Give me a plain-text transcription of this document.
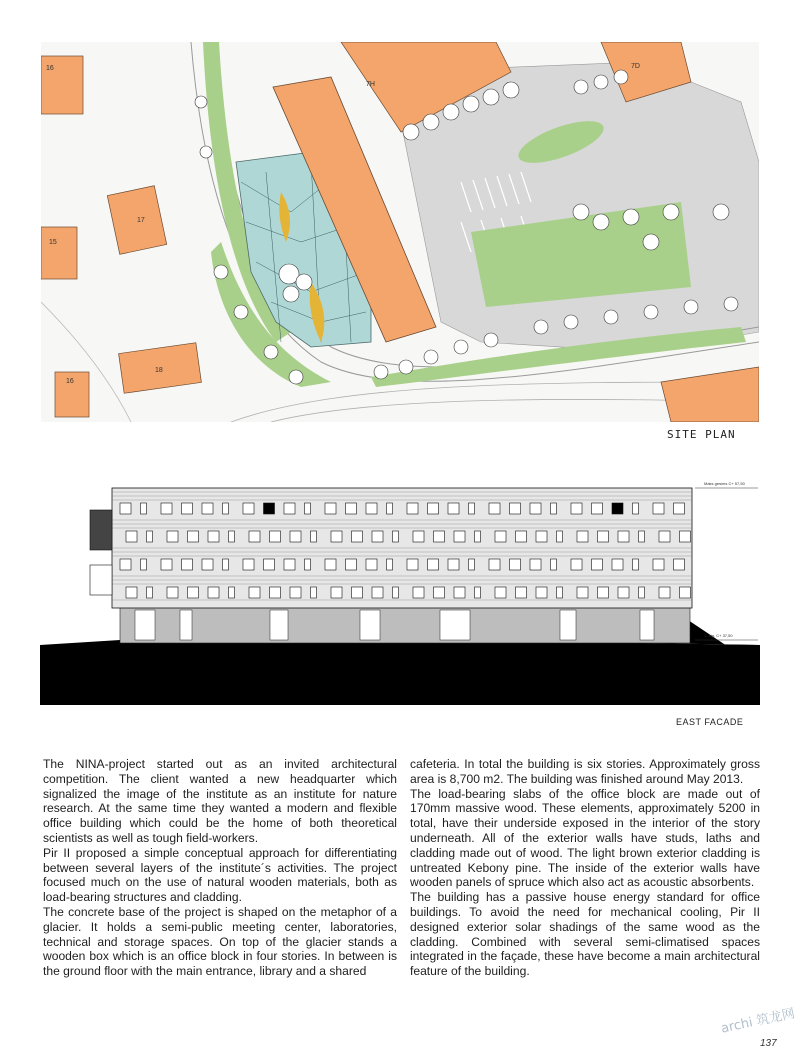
16
17
15
16
18
7H
7D
SITE PLAN
Maks gesims C+ 57,50
1. etg. C+ 37,50
EAST FACADE

The NINA-project started out as an invited architectural competition. The client wanted a new headquarter which signalized the image of the institute as an institute for nature research. At the same time they wanted a modern and flexible office building which could be the home of both theoretical scientists as well as tough field-workers.

Pir II proposed a simple conceptual approach for differentiating between several layers of the institute´s activities. The project focused much on the use of natural wooden materials, both as load-bearing structures and cladding.

The concrete base of the project is shaped on the metaphor of a glacier. It holds a semi-public meeting center, laboratories, technical and storage spaces. On top of the glacier stands a wooden box which is an office block in four stories. In between is the ground floor with the main entrance, library and a shared

cafeteria. In total the building is six stories. Approximately gross area is 8,700 m2. The building was finished around May 2013.

The load-bearing slabs of the office block are made out of 170mm massive wood. These elements, approximately 5200 in total, have their underside exposed in the interior of the story underneath. All of the exterior walls have studs, laths and cladding made out of wood. The light brown exterior cladding is untreated Kebony pine. The inside of the exterior walls have wooden panels of spruce which also act as acoustic absorbents.

The building has a passive house energy standard for office buildings. To avoid the need for mechanical cooling, Pir II designed exterior solar shadings of the same wood as the cladding. Combined with several semi-climatised spaces integrated in the façade, these have become a main architectural feature of the building.

archi 筑龙网
137
